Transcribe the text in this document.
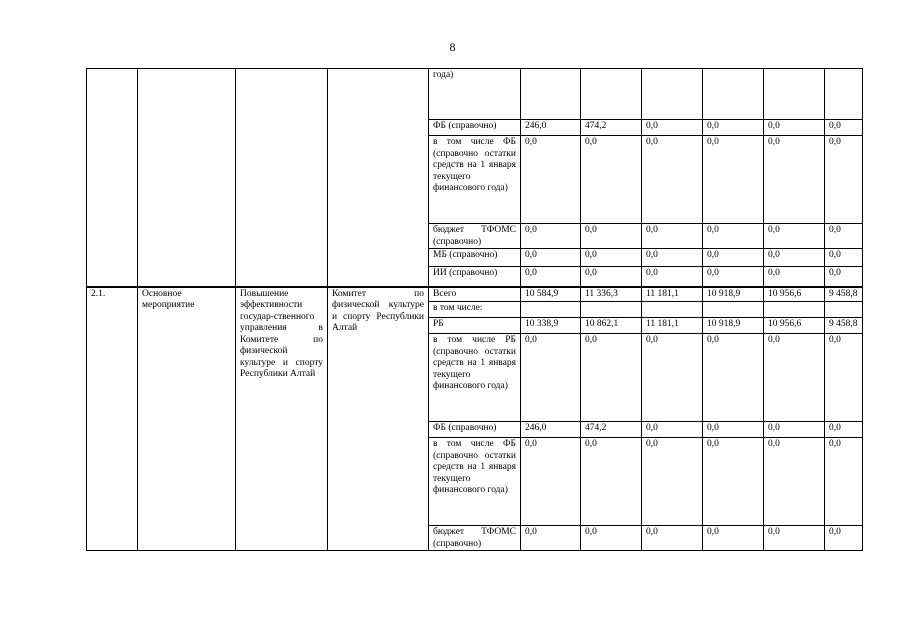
8
				года)						
				ФБ (справочно)	246,0	474,2	0,0	0,0	0,0	0,0
				в том числе ФБ (справочно остатки средств на 1 января текущего финансового года)	0,0	0,0	0,0	0,0	0,0	0,0
				бюджет ТФОМС (справочно)	0,0	0,0	0,0	0,0	0,0	0,0
				МБ (справочно)	0,0	0,0	0,0	0,0	0,0	0,0
				ИИ (справочно)	0,0	0,0	0,0	0,0	0,0	0,0
2.1.	Основное мероприятие	Повышение эффективности государ-ственного управления в Комитете по физической культуре и спорту Республики Алтай	Комитет по физической культуре и спорту Республики Алтай	Всего	10 584,9	11 336,3	11 181,1	10 918,9	10 956,6	9 458,8
				в том числе:						
				РБ	10 338,9	10 862,1	11 181,1	10 918,9	10 956,6	9 458,8
				в том числе РБ (справочно остатки средств на 1 января текущего финансового года)	0,0	0,0	0,0	0,0	0,0	0,0
				ФБ (справочно)	246,0	474,2	0,0	0,0	0,0	0,0
				в том числе ФБ (справочно остатки средств на 1 января текущего финансового года)	0,0	0,0	0,0	0,0	0,0	0,0
				бюджет ТФОМС (справочно)	0,0	0,0	0,0	0,0	0,0	0,0
